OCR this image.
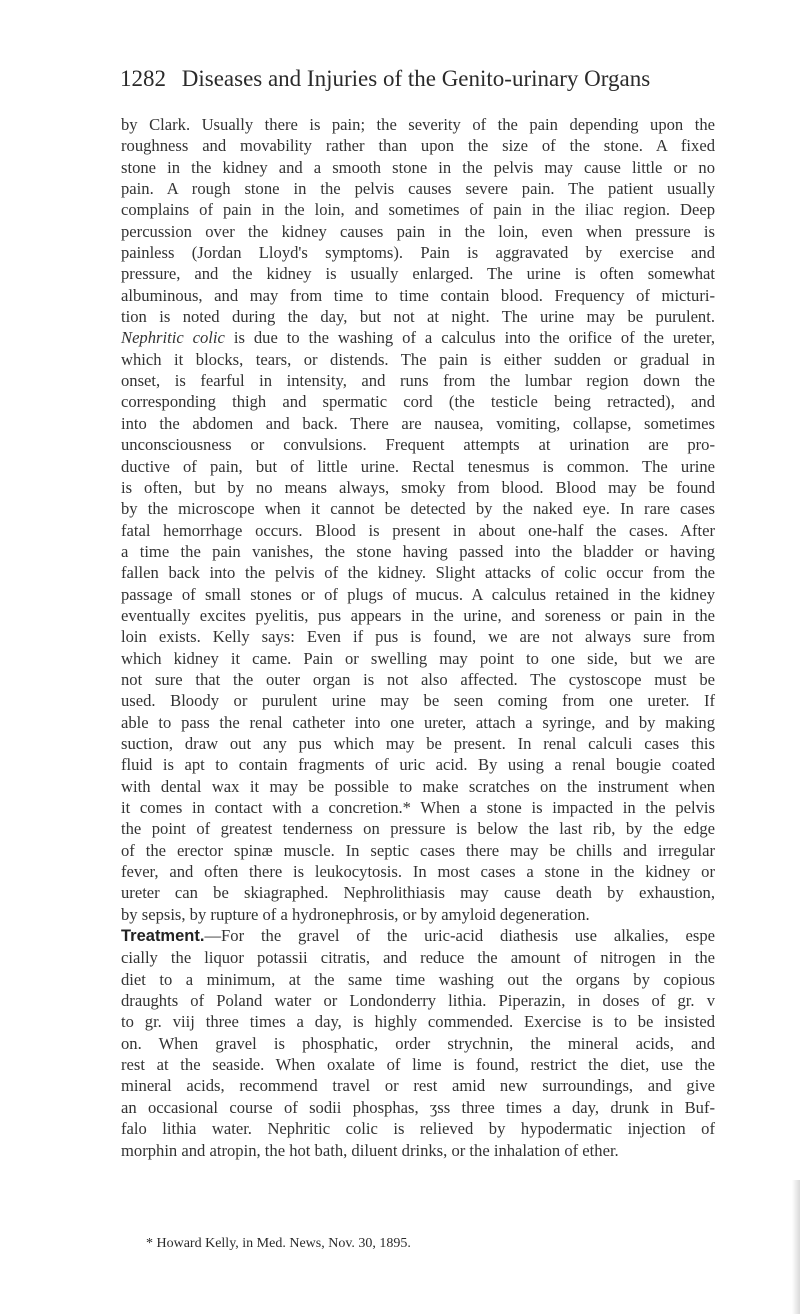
1282 Diseases and Injuries of the Genito-urinary Organs

by Clark. Usually there is pain; the severity of the pain depending upon the

roughness and movability rather than upon the size of the stone. A fixed

stone in the kidney and a smooth stone in the pelvis may cause little or no

pain. A rough stone in the pelvis causes severe pain. The patient usually

complains of pain in the loin, and sometimes of pain in the iliac region. Deep

percussion over the kidney causes pain in the loin, even when pressure is

painless (Jordan Lloyd's symptoms). Pain is aggravated by exercise and

pressure, and the kidney is usually enlarged. The urine is often somewhat

albuminous, and may from time to time contain blood. Frequency of micturi-

tion is noted during the day, but not at night. The urine may be purulent.

Nephritic colic is due to the washing of a calculus into the orifice of the ureter,

which it blocks, tears, or distends. The pain is either sudden or gradual in

onset, is fearful in intensity, and runs from the lumbar region down the

corresponding thigh and spermatic cord (the testicle being retracted), and

into the abdomen and back. There are nausea, vomiting, collapse, sometimes

unconsciousness or convulsions. Frequent attempts at urination are pro-

ductive of pain, but of little urine. Rectal tenesmus is common. The urine

is often, but by no means always, smoky from blood. Blood may be found

by the microscope when it cannot be detected by the naked eye. In rare cases

fatal hemorrhage occurs. Blood is present in about one-half the cases. After

a time the pain vanishes, the stone having passed into the bladder or having

fallen back into the pelvis of the kidney. Slight attacks of colic occur from the

passage of small stones or of plugs of mucus. A calculus retained in the kidney

eventually excites pyelitis, pus appears in the urine, and soreness or pain in the

loin exists. Kelly says: Even if pus is found, we are not always sure from

which kidney it came. Pain or swelling may point to one side, but we are

not sure that the outer organ is not also affected. The cystoscope must be

used. Bloody or purulent urine may be seen coming from one ureter. If

able to pass the renal catheter into one ureter, attach a syringe, and by making

suction, draw out any pus which may be present. In renal calculi cases this

fluid is apt to contain fragments of uric acid. By using a renal bougie coated

with dental wax it may be possible to make scratches on the instrument when

it comes in contact with a concretion.* When a stone is impacted in the pelvis

the point of greatest tenderness on pressure is below the last rib, by the edge

of the erector spinæ muscle. In septic cases there may be chills and irregular

fever, and often there is leukocytosis. In most cases a stone in the kidney or

ureter can be skiagraphed. Nephrolithiasis may cause death by exhaustion,

by sepsis, by rupture of a hydronephrosis, or by amyloid degeneration.

Treatment.—For the gravel of the uric-acid diathesis use alkalies, espe

cially the liquor potassii citratis, and reduce the amount of nitrogen in the

diet to a minimum, at the same time washing out the organs by copious

draughts of Poland water or Londonderry lithia. Piperazin, in doses of gr. v

to gr. viij three times a day, is highly commended. Exercise is to be insisted

on. When gravel is phosphatic, order strychnin, the mineral acids, and

rest at the seaside. When oxalate of lime is found, restrict the diet, use the

mineral acids, recommend travel or rest amid new surroundings, and give

an occasional course of sodii phosphas, ʒss three times a day, drunk in Buf-

falo lithia water. Nephritic colic is relieved by hypodermatic injection of

morphin and atropin, the hot bath, diluent drinks, or the inhalation of ether.

* Howard Kelly, in Med. News, Nov. 30, 1895.
